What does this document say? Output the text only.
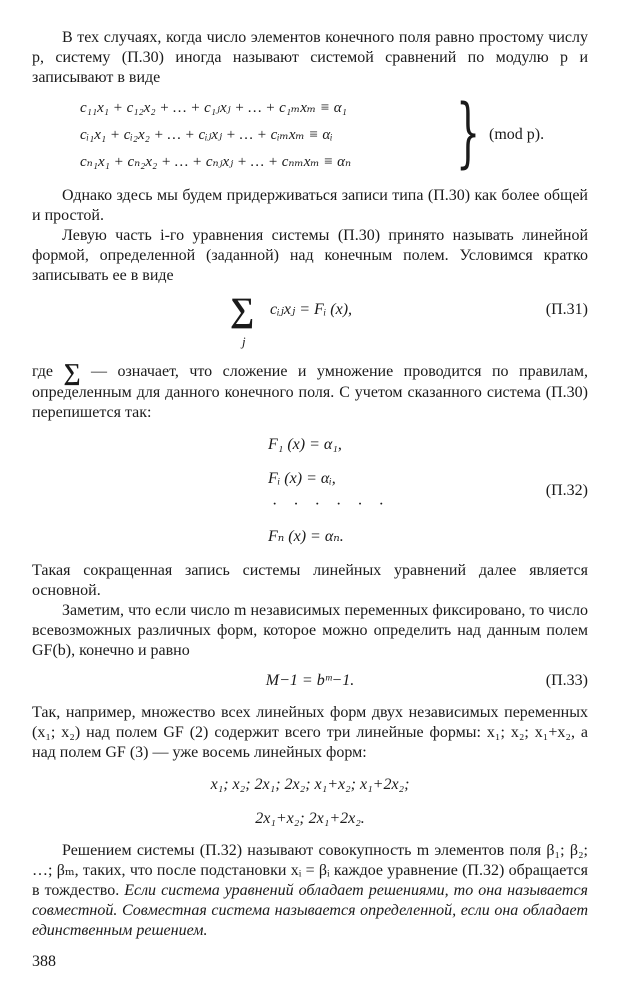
В тех случаях, когда число элементов конечного поля равно простому числу p, систему (П.30) иногда называют системой сравнений по модулю p и записывают в виде

c₁₁x₁ + c₁₂x₂ + … + c₁ⱼxⱼ + … + c₁ₘxₘ ≡ α₁
cᵢ₁x₁ + cᵢ₂x₂ + … + cᵢⱼxⱼ + … + cᵢₘxₘ ≡ αᵢ
cₙ₁x₁ + cₙ₂x₂ + … + cₙⱼxⱼ + … + cₙₘxₘ ≡ αₙ } (mod p).

Однако здесь мы будем придерживаться записи типа (П.30) как более общей и простой.

Левую часть i-го уравнения системы (П.30) принято называть линейной формой, определенной (заданной) над конечным полем. Условимся кратко записывать ее в виде

∑
j
cᵢⱼxⱼ = Fᵢ (x),	(П.31)

где ∑ — означает, что сложение и умножение проводится по правилам, определенным для данного конечного поля. С учетом сказанного система (П.30) перепишется так:

F₁ (x) = α₁,
Fᵢ (x) = αᵢ,
· · · · · ·
Fₙ (x) = αₙ.
(П.32)

Такая сокращенная запись системы линейных уравнений далее является основной.

Заметим, что если число m независимых переменных фиксировано, то число всевозможных различных форм, которое можно определить над данным полем GF(b), конечно и равно

M−1 = bᵐ−1.	(П.33)

Так, например, множество всех линейных форм двух независимых переменных (x₁; x₂) над полем GF (2) содержит всего три линейные формы: x₁; x₂; x₁+x₂, а над полем GF (3) — уже восемь линейных форм:

x₁; x₂; 2x₁; 2x₂; x₁+x₂; x₁+2x₂;
2x₁+x₂; 2x₁+2x₂.

Решением системы (П.32) называют совокупность m элементов поля β₁; β₂; …; βₘ, таких, что после подстановки xᵢ = βᵢ каждое уравнение (П.32) обращается в тождество. Если система уравнений обладает решениями, то она называется совместной. Совместная система называется определенной, если она обладает единственным решением.

388
